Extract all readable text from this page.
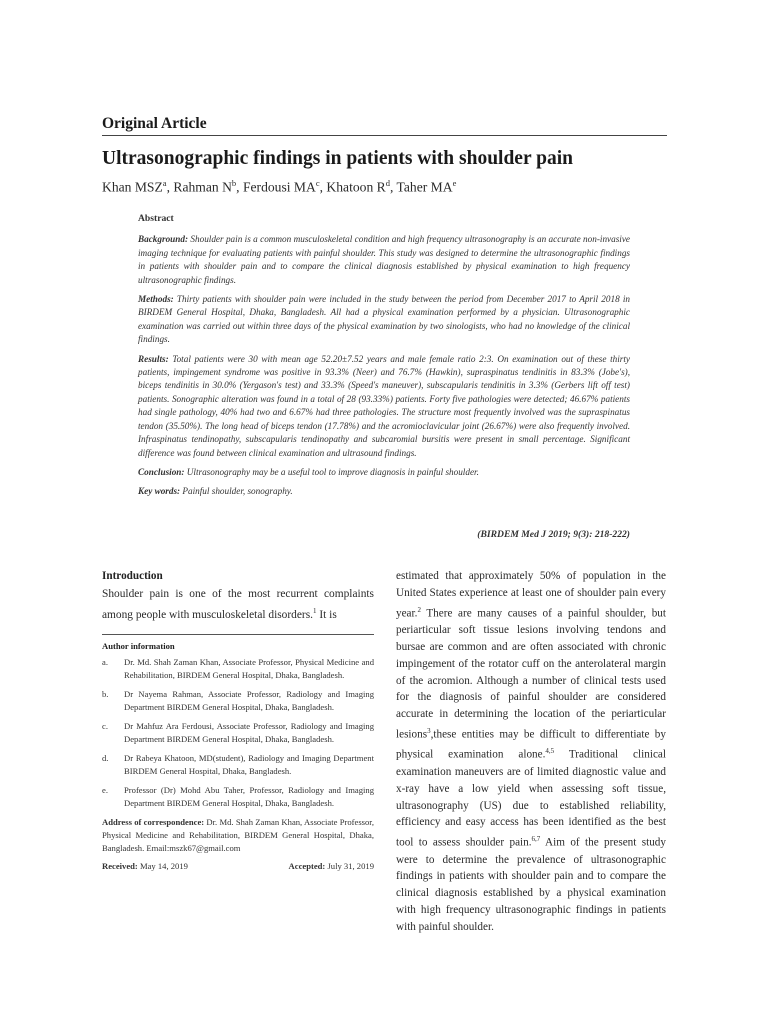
Original Article
Ultrasonographic findings in patients with shoulder pain
Khan MSZ$^a$, Rahman $N^b$, Ferdousi $MA^c$, Khatoon $R^d$, Taher $MA^e$
Abstract

Background: Shoulder pain is a common musculoskeletal condition and high frequency ultrasonography is an accurate non-invasive imaging technique for evaluating patients with painful shoulder. This study was designed to determine the ultrasonographic findings in patients with shoulder pain and to compare the clinical diagnosis established by physical examination to high frequency ultrasonographic findings.

Methods: Thirty patients with shoulder pain were included in the study between the period from December 2017 to April 2018 in BIRDEM General Hospital, Dhaka, Bangladesh. All had a physical examination performed by a physician. Ultrasonographic examination was carried out within three days of the physical examination by two sinologists, who had no knowledge of the clinical findings.

Results: Total patients were 30 with mean age 52.20±7.52 years and male female ratio 2:3. On examination out of these thirty patients, impingement syndrome was positive in 93.3% (Neer) and 76.7% (Hawkin), supraspinatus tendinitis in 83.3% (Jobe's), biceps tendinitis in 30.0% (Yergason's test) and 33.3% (Speed's maneuver), subscapularis tendinitis in 3.3% (Gerbers lift off test) patients. Sonographic alteration was found in a total of 28 (93.33%) patients. Forty five pathologies were detected; 46.67% patients had single pathology, 40% had two and 6.67% had three pathologies. The structure most frequently involved was the supraspinatus tendon (35.50%). The long head of biceps tendon (17.78%) and the acromioclavicular joint (26.67%) were also frequently involved. Infraspinatus tendinopathy, subscapularis tendinopathy and subcaromial bursitis were present in small percentage. Significant difference was found between clinical examination and ultrasound findings.

Conclusion: Ultrasonography may be a useful tool to improve diagnosis in painful shoulder.

Key words: Painful shoulder, sonography.

(BIRDEM Med J 2019; 9(3): 218-222)
Introduction
Shoulder pain is one of the most recurrent complaints among people with musculoskeletal disorders.$^1$ It is
Author information
a.	Dr. Md. Shah Zaman Khan, Associate Professor, Physical Medicine and Rehabilitation, BIRDEM General Hospital, Dhaka, Bangladesh.
b.	Dr Nayema Rahman, Associate Professor, Radiology and Imaging Department BIRDEM General Hospital, Dhaka, Bangladesh.
c.	Dr Mahfuz Ara Ferdousi, Associate Professor, Radiology and Imaging Department BIRDEM General Hospital, Dhaka, Bangladesh.
d.	Dr Rabeya Khatoon, MD(student), Radiology and Imaging Department BIRDEM General Hospital, Dhaka, Bangladesh.
e.	Professor (Dr) Mohd Abu Taher, Professor, Radiology and Imaging Department BIRDEM General Hospital, Dhaka, Bangladesh.
Address of correspondence: Dr. Md. Shah Zaman Khan, Associate Professor, Physical Medicine and Rehabilitation, BIRDEM General Hospital, Dhaka, Bangladesh. Email:mszk67@gmail.com
Received: May 14, 2019	Accepted: July 31, 2019
estimated that approximately 50% of population in the United States experience at least one of shoulder pain every year.$^2$ There are many causes of a painful shoulder, but periarticular soft tissue lesions involving tendons and bursae are common and are often associated with chronic impingement of the rotator cuff on the anterolateral margin of the acromion. Although a number of clinical tests used for the diagnosis of painful shoulder are considered accurate in determining the location of the periarticular lesions$^3$,these entities may be difficult to differentiate by physical examination alone.$^{4,5}$ Traditional clinical examination maneuvers are of limited diagnostic value and x-ray have a low yield when assessing soft tissue, ultrasonography (US) due to established reliability, efficiency and easy access has been identified as the best tool to assess shoulder pain.$^{6,7}$ Aim of the present study were to determine the prevalence of ultrasonographic findings in patients with shoulder pain and to compare the clinical diagnosis established by a physical examination with high frequency ultrasonographic findings in patients with painful shoulder.
